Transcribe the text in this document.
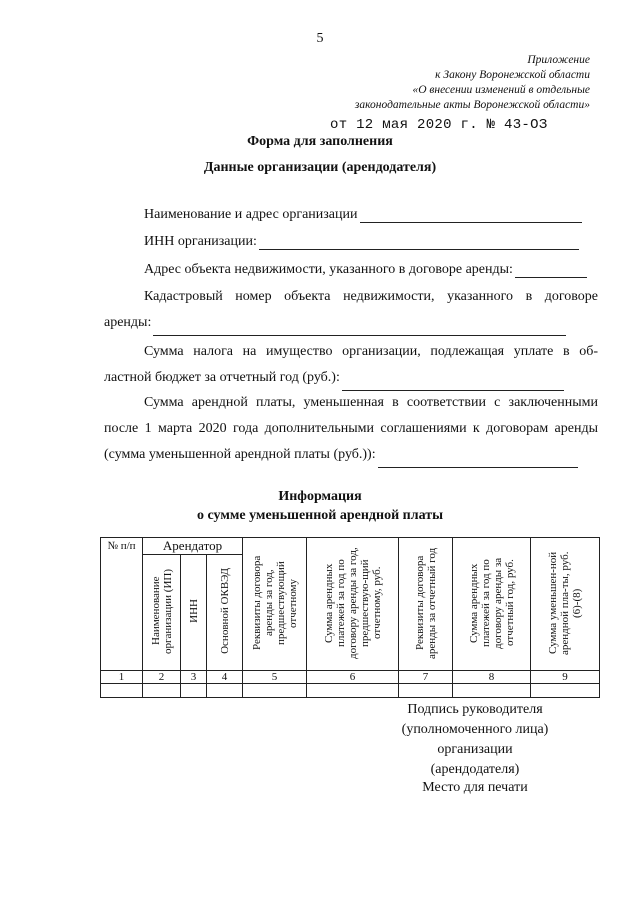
5
Приложение
к Закону Воронежской области
«О внесении изменений в отдельные
законодательные акты Воронежской области»
от 12 мая 2020 г. № 43-ОЗ
Форма для заполнения
Данные организации (арендодателя)
Наименование и адрес организации
ИНН организации:
Адрес объекта недвижимости, указанного в договоре аренды:
Кадастровый номер объекта недвижимости, указанного в договоре
аренды:
Сумма налога на имущество организации, подлежащая уплате в об-
ластной бюджет за отчетный год (руб.):
Сумма арендной платы, уменьшенная в соответствии с заключенными
после 1 марта 2020 года дополнительными соглашениями к договорам аренды
(сумма уменьшенной арендной платы (руб.)):
Информация
о сумме уменьшенной арендной платы
№ п/п	Арендатор			Реквизиты договора аренды за год, предшествующий отчетному	Сумма арендных платежей за год по договору аренды за год, предшествую-щий отчетному, руб.	Реквизиты договора аренды за отчетный год	Сумма арендных платежей за год по договору аренды за отчетный год, руб.	Сумма уменьшен-ной арендной пла-ты, руб. (6)-(8)
	Наименование организации (ИП)	ИНН	Основной ОКВЭД					
1	2	3	4	5	6	7	8	9

Подпись руководителя
(уполномоченного лица)
организации
(арендодателя)
Место для печати
